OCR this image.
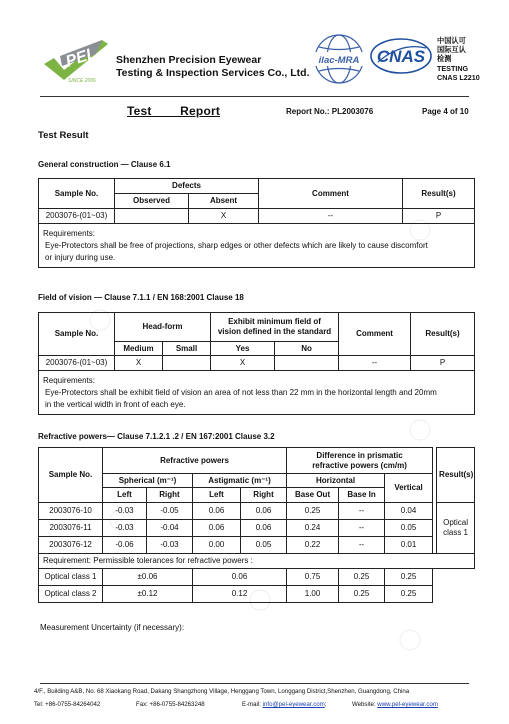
PEL
SINCE 2006
Shenzhen Precision Eyewear
Testing & Inspection Services Co., Ltd.
ilac-MRA CNAS
中国认可
国际互认
检测
TESTING
CNAS L2210
Test   Report	Report No.: PL2003076	Page 4 of 10
Test Result
General construction — Clause 6.1
Sample No.	Defects		Comment	Result(s)
	Observed	Absent		
2003076-(01~03)		X	--	P

Requirements:

Eye-Protectors shall be free of projections, sharp edges or other defects which are likely to cause discomfort

or injury during use.				

Field of vision — Clause 7.1.1 / EN 168:2001 Clause 18
Sample No.	Head-form		Exhibit minimum field of
vision defined in the standard		Comment	Result(s)
	Medium	Small	Yes	No		
2003076-(01~03)	X		X		--	P

Requirements:

Eye-Protectors shall be exhibit field of vision an area of not less than 22 mm in the horizontal length and 20mm

in the vertical width in front of each eye.						

Refractive powers— Clause 7.1.2.1 .2 / EN 167:2001 Clause 3.2
Sample No.	Refractive powers				Difference in prismatic
refractive powers (cm/m)				Result(s)
	Spherical (m⁻¹)		Astigmatic (m⁻¹)		Horizontal		Vertical		
	Left	Right	Left	Right	Base Out	Base In			
2003076-10	-0.03	-0.05	0.06	0.06	0.25	--	0.04		Optical
class 1

2003076-11	-0.03	-0.04	0.06	0.06	0.24	--	0.05		
2003076-12	-0.06	-0.03	0.00	0.05	0.22	--	0.01		
Requirement: Permissible tolerances for refractive powers :									
Optical class 1	±0.06		0.06		0.75	0.25	0.25		
Optical class 2	±0.12		0.12		1.00	0.25	0.25		
Measurement Uncertainty (if necessary):
4/F., Building A&B, No. 68 Xiaokang Road, Dakang Shangzhong Village, Henggang Town, Longgang District,Shenzhen, Guangdong, China
Tel: +86-0755-84264042	Fax: +86-0755-84263248	E-mail: info@pel-eyewear.com;	Website: www.pel-eyewear.com
